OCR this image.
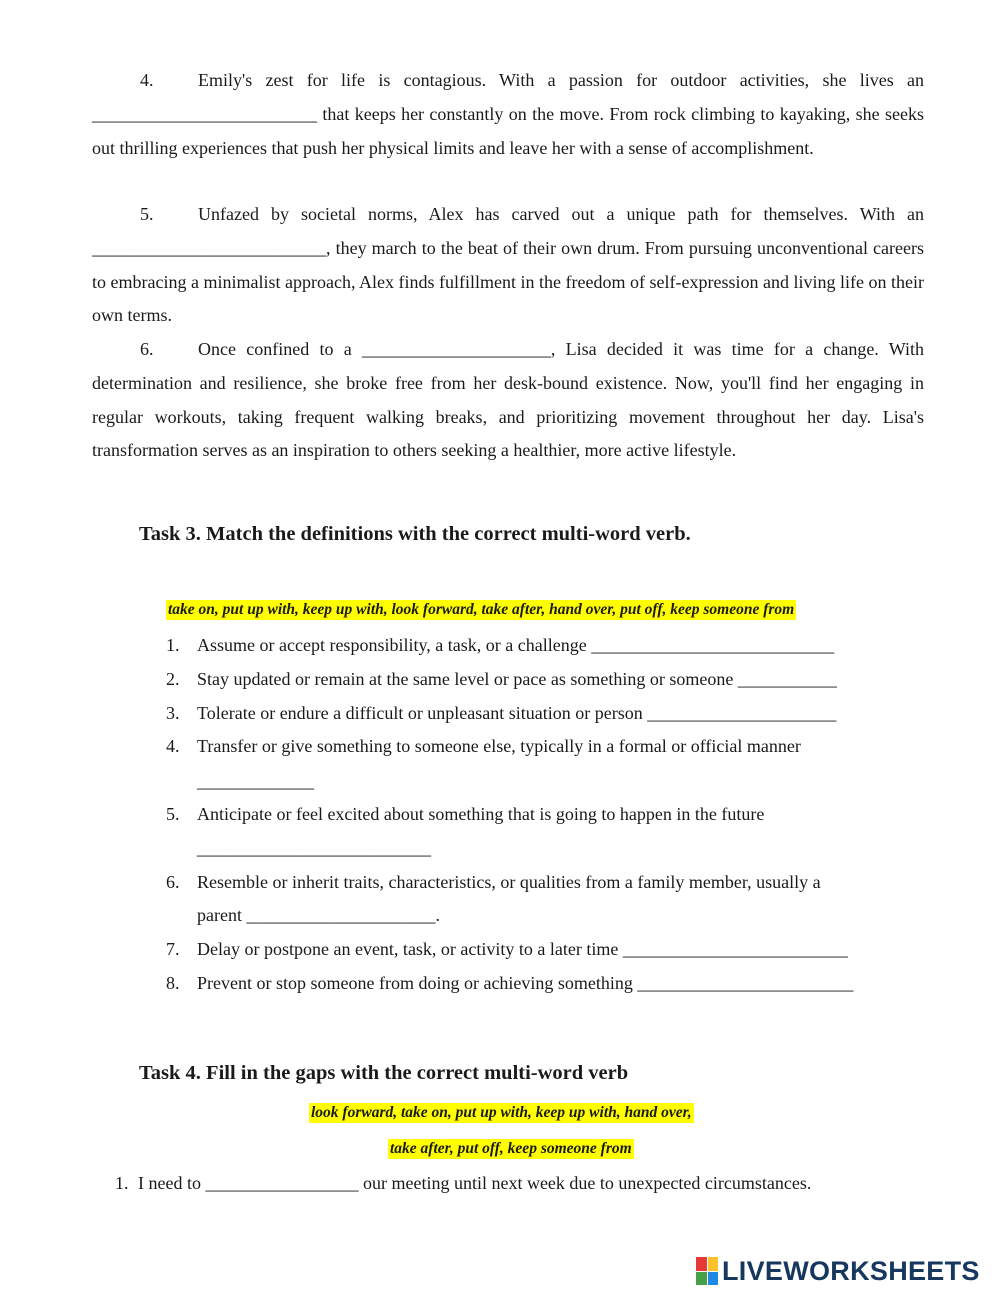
4. Emily's zest for life is contagious. With a passion for outdoor activities, she lives an _________________________ that keeps her constantly on the move. From rock climbing to kayaking, she seeks out thrilling experiences that push her physical limits and leave her with a sense of accomplishment.
5. Unfazed by societal norms, Alex has carved out a unique path for themselves. With an __________________________, they march to the beat of their own drum. From pursuing unconventional careers to embracing a minimalist approach, Alex finds fulfillment in the freedom of self-expression and living life on their own terms.
6. Once confined to a _____________________, Lisa decided it was time for a change. With determination and resilience, she broke free from her desk-bound existence. Now, you'll find her engaging in regular workouts, taking frequent walking breaks, and prioritizing movement throughout her day. Lisa's transformation serves as an inspiration to others seeking a healthier, more active lifestyle.
Task 3. Match the definitions with the correct multi-word verb.
take on, put up with, keep up with, look forward, take after, hand over, put off, keep someone from
1. Assume or accept responsibility, a task, or a challenge ___________________________
2. Stay updated or remain at the same level or pace as something or someone ___________
3. Tolerate or endure a difficult or unpleasant situation or person _____________________
4. Transfer or give something to someone else, typically in a formal or official manner
_____________
5. Anticipate or feel excited about something that is going to happen in the future
__________________________
6. Resemble or inherit traits, characteristics, or qualities from a family member, usually a
parent _____________________.
7. Delay or postpone an event, task, or activity to a later time _________________________
8. Prevent or stop someone from doing or achieving something ________________________
Task 4. Fill in the gaps with the correct multi-word verb
look forward, take on, put up with, keep up with, hand over,
take after, put off, keep someone from
1. I need to _________________ our meeting until next week due to unexpected circumstances.
LIVEWORKSHEETS
